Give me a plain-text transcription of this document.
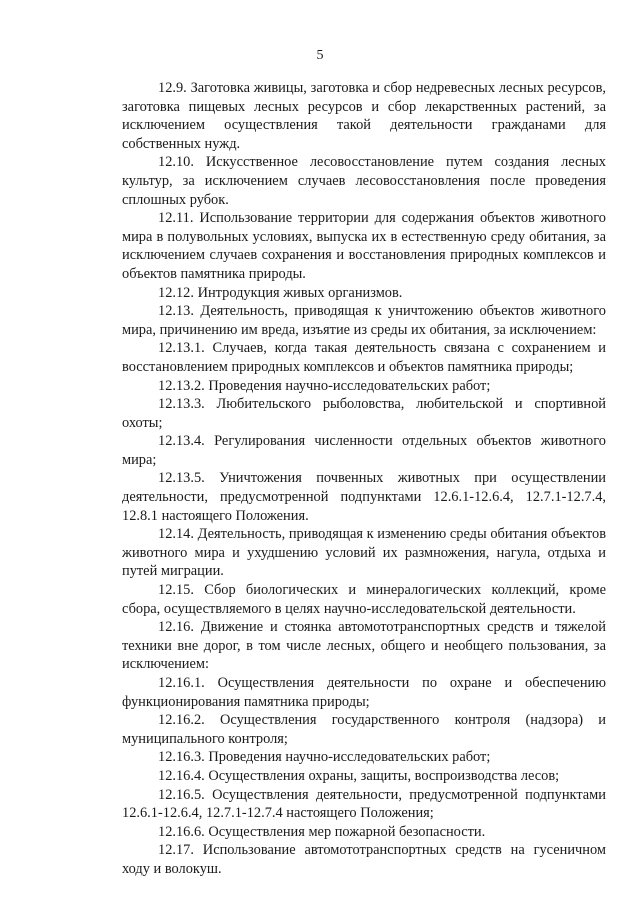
5

12.9. Заготовка живицы, заготовка и сбор недревесных лесных ресурсов, заготовка пищевых лесных ресурсов и сбор лекарственных растений, за исключением осуществления такой деятельности гражданами для собственных нужд.

12.10. Искусственное лесовосстановление путем создания лесных культур, за исключением случаев лесовосстановления после проведения сплошных рубок.

12.11. Использование территории для содержания объектов животного мира в полувольных условиях, выпуска их в естественную среду обитания, за исключением случаев сохранения и восстановления природных комплексов и объектов памятника природы.

12.12. Интродукция живых организмов.

12.13. Деятельность, приводящая к уничтожению объектов животного мира, причинению им вреда, изъятие из среды их обитания, за исключением:

12.13.1. Случаев, когда такая деятельность связана с сохранением и восстановлением природных комплексов и объектов памятника природы;

12.13.2. Проведения научно-исследовательских работ;

12.13.3. Любительского рыболовства, любительской и спортивной охоты;

12.13.4. Регулирования численности отдельных объектов животного мира;

12.13.5. Уничтожения почвенных животных при осуществлении деятельности, предусмотренной подпунктами 12.6.1-12.6.4, 12.7.1-12.7.4, 12.8.1 настоящего Положения.

12.14. Деятельность, приводящая к изменению среды обитания объектов животного мира и ухудшению условий их размножения, нагула, отдыха и путей миграции.

12.15. Сбор биологических и минералогических коллекций, кроме сбора, осуществляемого в целях научно-исследовательской деятельности.

12.16. Движение и стоянка автомототранспортных средств и тяжелой техники вне дорог, в том числе лесных, общего и необщего пользования, за исключением:

12.16.1. Осуществления деятельности по охране и обеспечению функционирования памятника природы;

12.16.2. Осуществления государственного контроля (надзора) и муниципального контроля;

12.16.3. Проведения научно-исследовательских работ;

12.16.4. Осуществления охраны, защиты, воспроизводства лесов;

12.16.5. Осуществления деятельности, предусмотренной подпунктами 12.6.1-12.6.4, 12.7.1-12.7.4 настоящего Положения;

12.16.6. Осуществления мер пожарной безопасности.

12.17. Использование автомототранспортных средств на гусеничном ходу и волокуш.
